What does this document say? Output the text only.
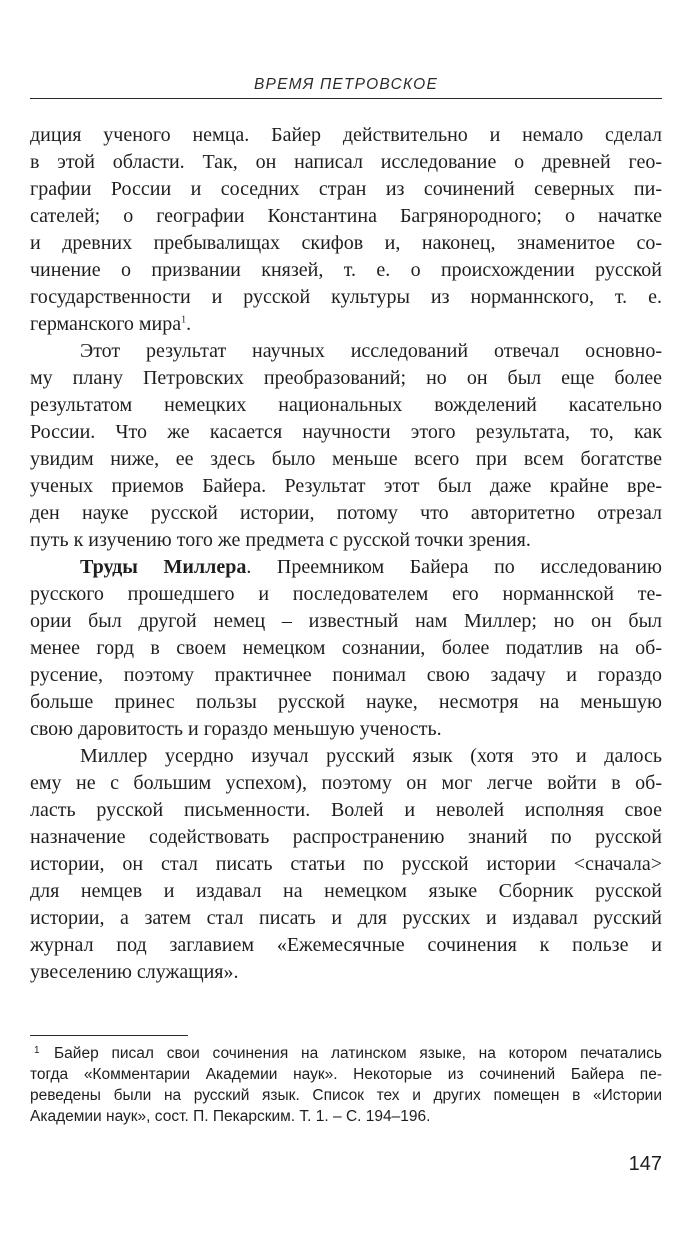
ВРЕМЯ ПЕТРОВСКОЕ
диция ученого немца. Байер действительно и немало сделал
в этой области. Так, он написал исследование о древней гео-
графии России и соседних стран из сочинений северных пи-
сателей; о географии Константина Багрянородного; о начатке
и древних пребывалищах скифов и, наконец, знаменитое со-
чинение о призвании князей, т. е. о происхождении русской
государственности и русской культуры из норманнского, т. е.
германского мира$^1$.
Этот результат научных исследований отвечал основно-
му плану Петровских преобразований; но он был еще более
результатом немецких национальных вожделений касательно
России. Что же касается научности этого результата, то, как
увидим ниже, ее здесь было меньше всего при всем богатстве
ученых приемов Байера. Результат этот был даже крайне вре-
ден науке русской истории, потому что авторитетно отрезал
путь к изучению того же предмета с русской точки зрения.
Труды Миллера. Преемником Байера по исследованию
русского прошедшего и последователем его норманнской те-
ории был другой немец – известный нам Миллер; но он был
менее горд в своем немецком сознании, более податлив на об-
русение, поэтому практичнее понимал свою задачу и гораздо
больше принес пользы русской науке, несмотря на меньшую
свою даровитость и гораздо меньшую ученость.
Миллер усердно изучал русский язык (хотя это и далось
ему не с большим успехом), поэтому он мог легче войти в об-
ласть русской письменности. Волей и неволей исполняя свое
назначение содействовать распространению знаний по русской
истории, он стал писать статьи по русской истории <сначала>
для немцев и издавал на немецком языке Сборник русской
истории, а затем стал писать и для русских и издавал русский
журнал под заглавием «Ежемесячные сочинения к пользе и
увеселению служащия».
1 Байер писал свои сочинения на латинском языке, на котором печатались
тогда «Комментарии Академии наук». Некоторые из сочинений Байера пе-
реведены были на русский язык. Список тех и других помещен в «Истории
Академии наук», сост. П. Пекарским. Т. 1. – С. 194–196.
147
